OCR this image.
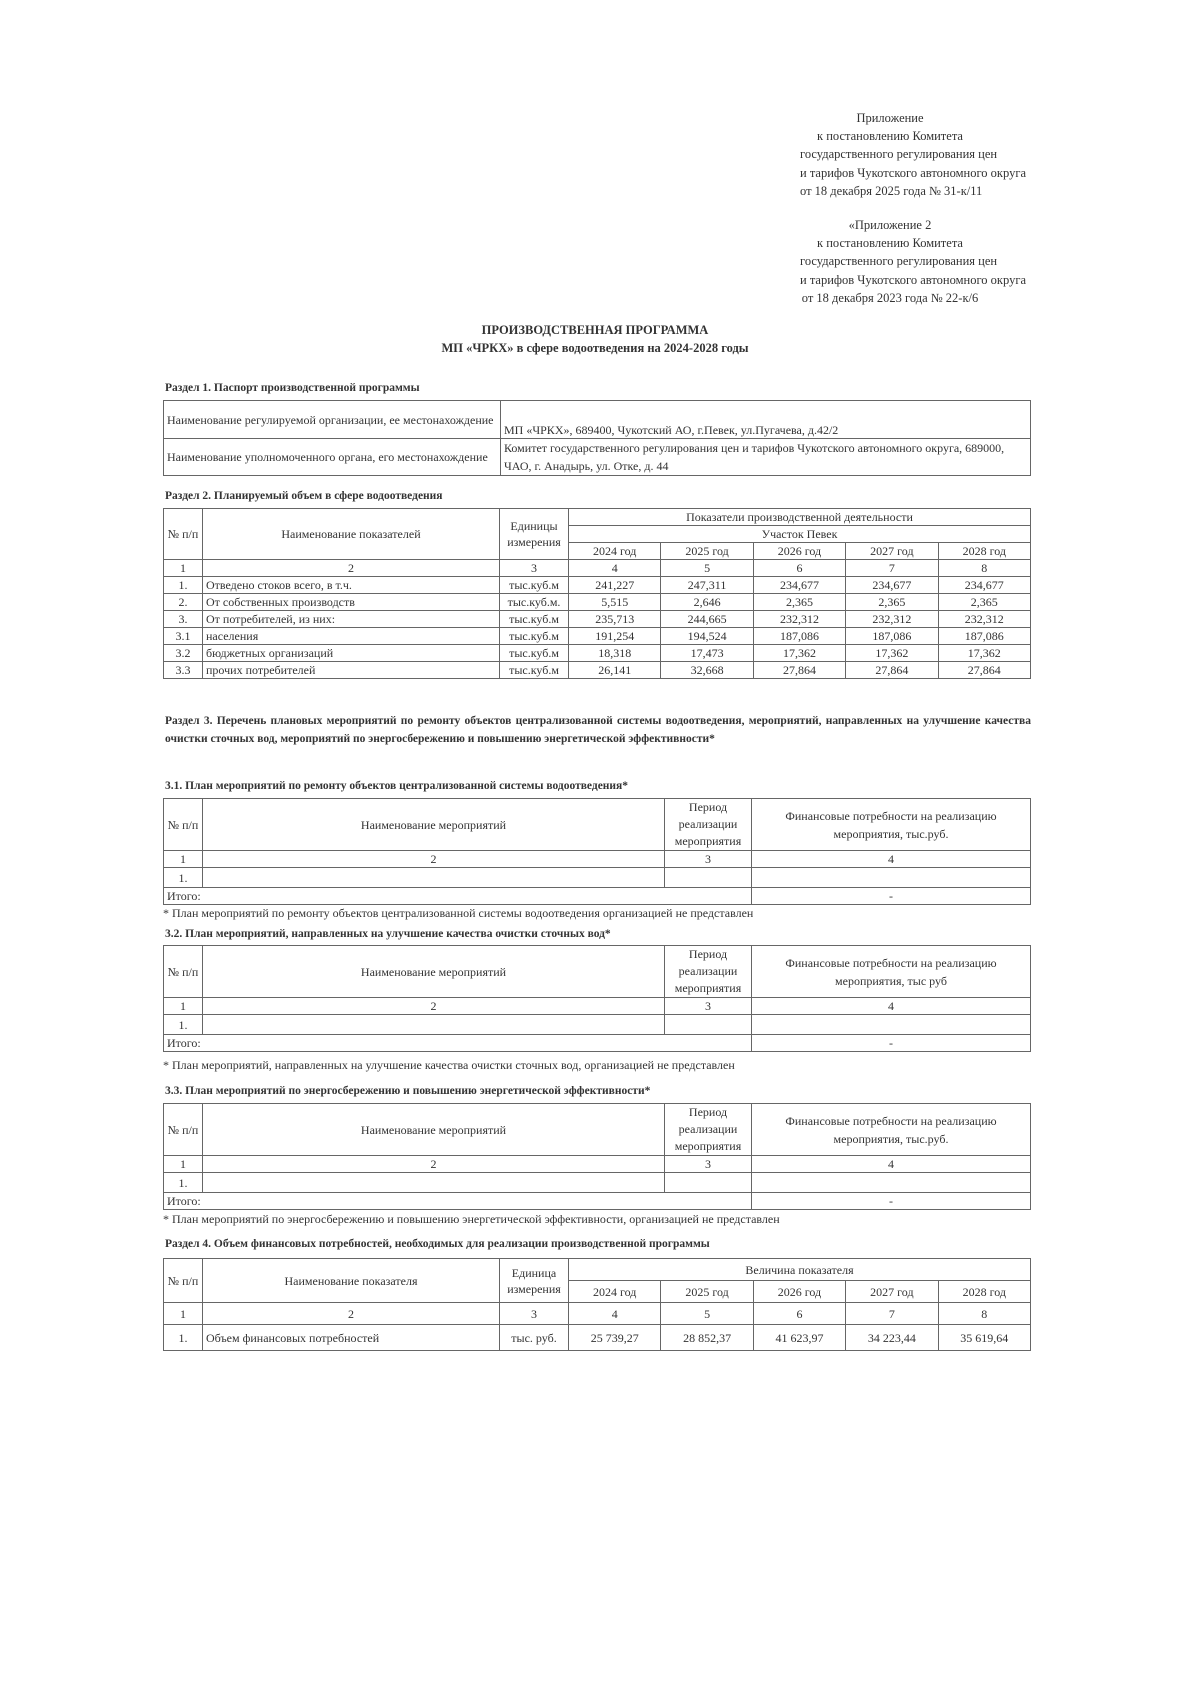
Приложение
к постановлению Комитета
государственного регулирования цен
и тарифов Чукотского автономного округа
от 18 декабря 2025 года № 31-к/11
«Приложение 2
к постановлению Комитета
государственного регулирования цен
и тарифов Чукотского автономного округа
от 18 декабря 2023 года № 22-к/6
ПРОИЗВОДСТВЕННАЯ ПРОГРАММА
МП «ЧРКХ» в сфере водоотведения на 2024-2028 годы
Раздел 1. Паспорт производственной программы
Наименование регулируемой организации, ее местонахождение	МП «ЧРКХ», 689400, Чукотский АО, г.Певек, ул.Пугачева, д.42/2
Наименование уполномоченного органа, его местонахождение	Комитет государственного регулирования цен и тарифов Чукотского автономного округа, 689000, ЧАО, г. Анадырь, ул. Отке, д. 44
Раздел 2. Планируемый объем в сфере водоотведения
№ п/п	Наименование показателей	Единицы измерения	Показатели производственной деятельности				
			Участок Певек				
			2024 год	2025 год	2026 год	2027 год	2028 год
1	2	3	4	5	6	7	8
1.	Отведено стоков всего, в т.ч.	тыс.куб.м	241,227	247,311	234,677	234,677	234,677
2.	От собственных производств	тыс.куб.м.	5,515	2,646	2,365	2,365	2,365
3.	От потребителей, из них:	тыс.куб.м	235,713	244,665	232,312	232,312	232,312
3.1	населения	тыс.куб.м	191,254	194,524	187,086	187,086	187,086
3.2	бюджетных организаций	тыс.куб.м	18,318	17,473	17,362	17,362	17,362
3.3	прочих потребителей	тыс.куб.м	26,141	32,668	27,864	27,864	27,864
Раздел 3. Перечень плановых мероприятий по ремонту объектов централизованной системы водоотведения, мероприятий, направленных на улучшение качества очистки сточных вод, мероприятий по энергосбережению и повышению энергетической эффективности*
3.1. План мероприятий по ремонту объектов централизованной системы водоотведения*
№ п/п	Наименование мероприятий	Период реализации мероприятия	Финансовые потребности на реализацию мероприятия, тыс.руб.
1	2	3	4
1.			
Итого:			-
* План мероприятий по ремонту объектов централизованной системы водоотведения организацией не представлен
3.2. План мероприятий, направленных на улучшение качества очистки сточных вод*
№ п/п	Наименование мероприятий	Период реализации мероприятия	Финансовые потребности на реализацию мероприятия, тыс руб
1	2	3	4
1.			
Итого:			-
* План мероприятий, направленных на улучшение качества очистки сточных вод, организацией не представлен
3.3. План мероприятий по энергосбережению и повышению энергетической эффективности*
№ п/п	Наименование мероприятий	Период реализации мероприятия	Финансовые потребности на реализацию мероприятия, тыс.руб.
1	2	3	4
1.			
Итого:			-
* План мероприятий по энергосбережению и повышению энергетической эффективности, организацией не представлен
Раздел 4. Объем финансовых потребностей, необходимых для реализации производственной программы
№ п/п	Наименование показателя	Единица измерения	Величина показателя				
			2024 год	2025 год	2026 год	2027 год	2028 год
1	2	3	4	5	6	7	8
1.	Объем финансовых потребностей	тыс. руб.	25 739,27	28 852,37	41 623,97	34 223,44	35 619,64
